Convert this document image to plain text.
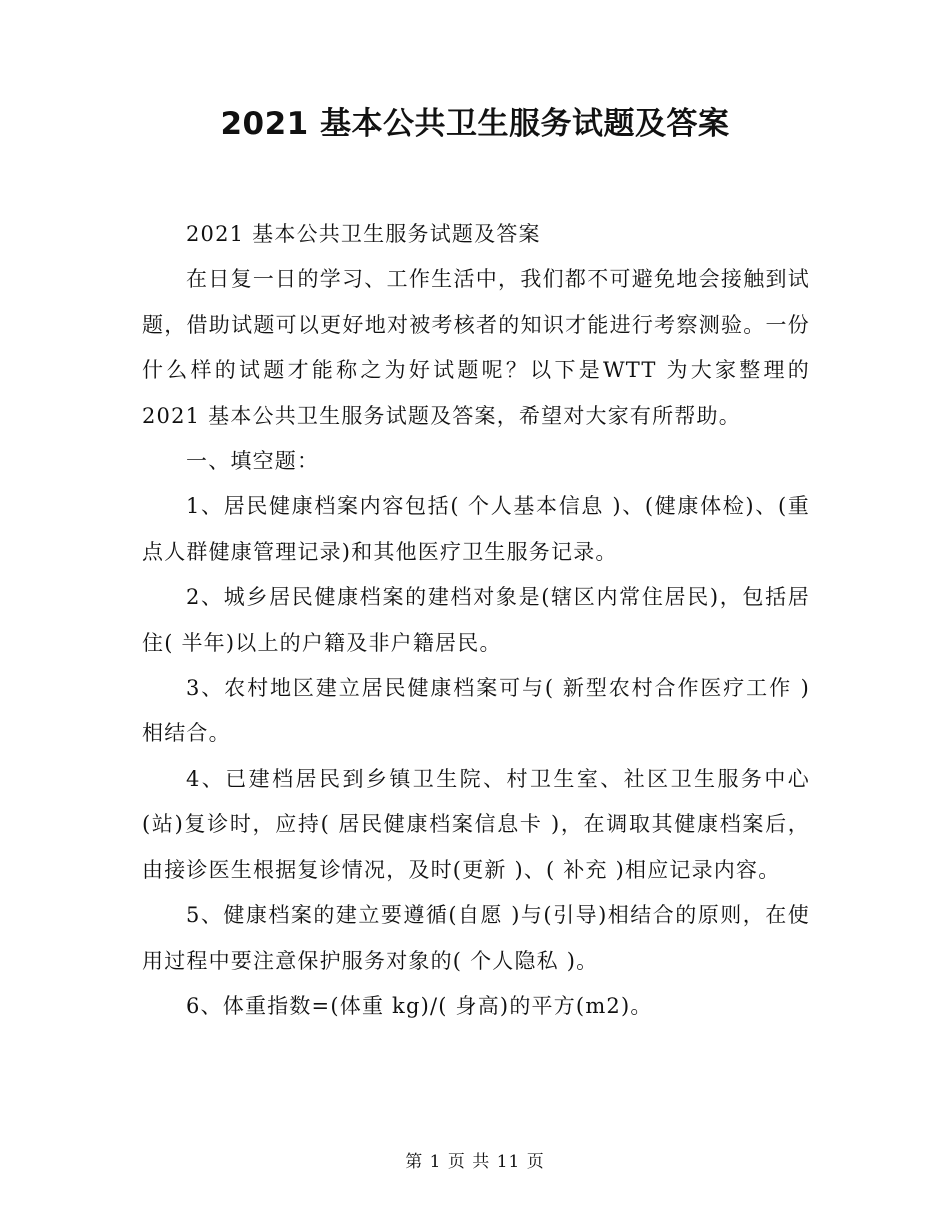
2021 基本公共卫生服务试题及答案

2021 基本公共卫生服务试题及答案

在日复一日的学习、工作生活中，我们都不可避免地会接触到试题，借助试题可以更好地对被考核者的知识才能进行考察测验。一份什么样的试题才能称之为好试题呢？以下是WTT 为大家整理的 2021 基本公共卫生服务试题及答案，希望对大家有所帮助。

一、填空题：

1、居民健康档案内容包括( 个人基本信息 )、(健康体检)、(重点人群健康管理记录)和其他医疗卫生服务记录。

2、城乡居民健康档案的建档对象是(辖区内常住居民)，包括居住( 半年)以上的户籍及非户籍居民。

3、农村地区建立居民健康档案可与( 新型农村合作医疗工作 )相结合。

4、已建档居民到乡镇卫生院、村卫生室、社区卫生服务中心(站)复诊时，应持( 居民健康档案信息卡 )，在调取其健康档案后，由接诊医生根据复诊情况，及时(更新 )、( 补充 )相应记录内容。

5、健康档案的建立要遵循(自愿 )与(引导)相结合的原则，在使用过程中要注意保护服务对象的( 个人隐私 )。

6、体重指数=(体重 kg)/( 身高)的平方(m2)。

第 1 页 共 11 页
